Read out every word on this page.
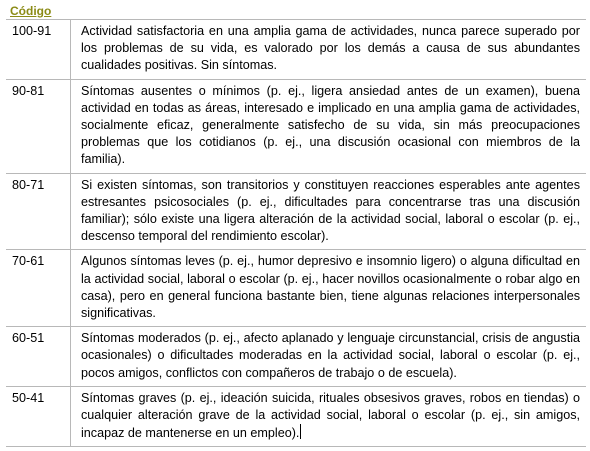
Código
100-91	Actividad satisfactoria en una amplia gama de actividades, nunca parece superado por los problemas de su vida, es valorado por los demás a causa de sus abundantes cualidades positivas. Sin síntomas.
90-81	Síntomas ausentes o mínimos (p. ej., ligera ansiedad antes de un examen), buena actividad en todas as áreas, interesado e implicado en una amplia gama de actividades, socialmente eficaz, generalmente satisfecho de su vida, sin más preocupaciones problemas que los cotidianos (p. ej., una discusión ocasional con miembros de la familia).
80-71	Si existen síntomas, son transitorios y constituyen reacciones esperables ante agentes estresantes psicosociales (p. ej., dificultades para concentrarse tras una discusión familiar); sólo existe una ligera alteración de la actividad social, laboral o escolar (p. ej., descenso temporal del rendimiento escolar).
70-61	Algunos síntomas leves (p. ej., humor depresivo e insomnio ligero) o alguna dificultad en la actividad social, laboral o escolar (p. ej., hacer novillos ocasionalmente o robar algo en casa), pero en general funciona bastante bien, tiene algunas relaciones interpersonales significativas.
60-51	Síntomas moderados (p. ej., afecto aplanado y lenguaje circunstancial, crisis de angustia ocasionales) o dificultades moderadas en la actividad social, laboral o escolar (p. ej., pocos amigos, conflictos con compañeros de trabajo o de escuela).
50-41	Síntomas graves (p. ej., ideación suicida, rituales obsesivos graves, robos en tiendas) o cualquier alteración grave de la actividad social, laboral o escolar (p. ej., sin amigos, incapaz de mantenerse en un empleo).
